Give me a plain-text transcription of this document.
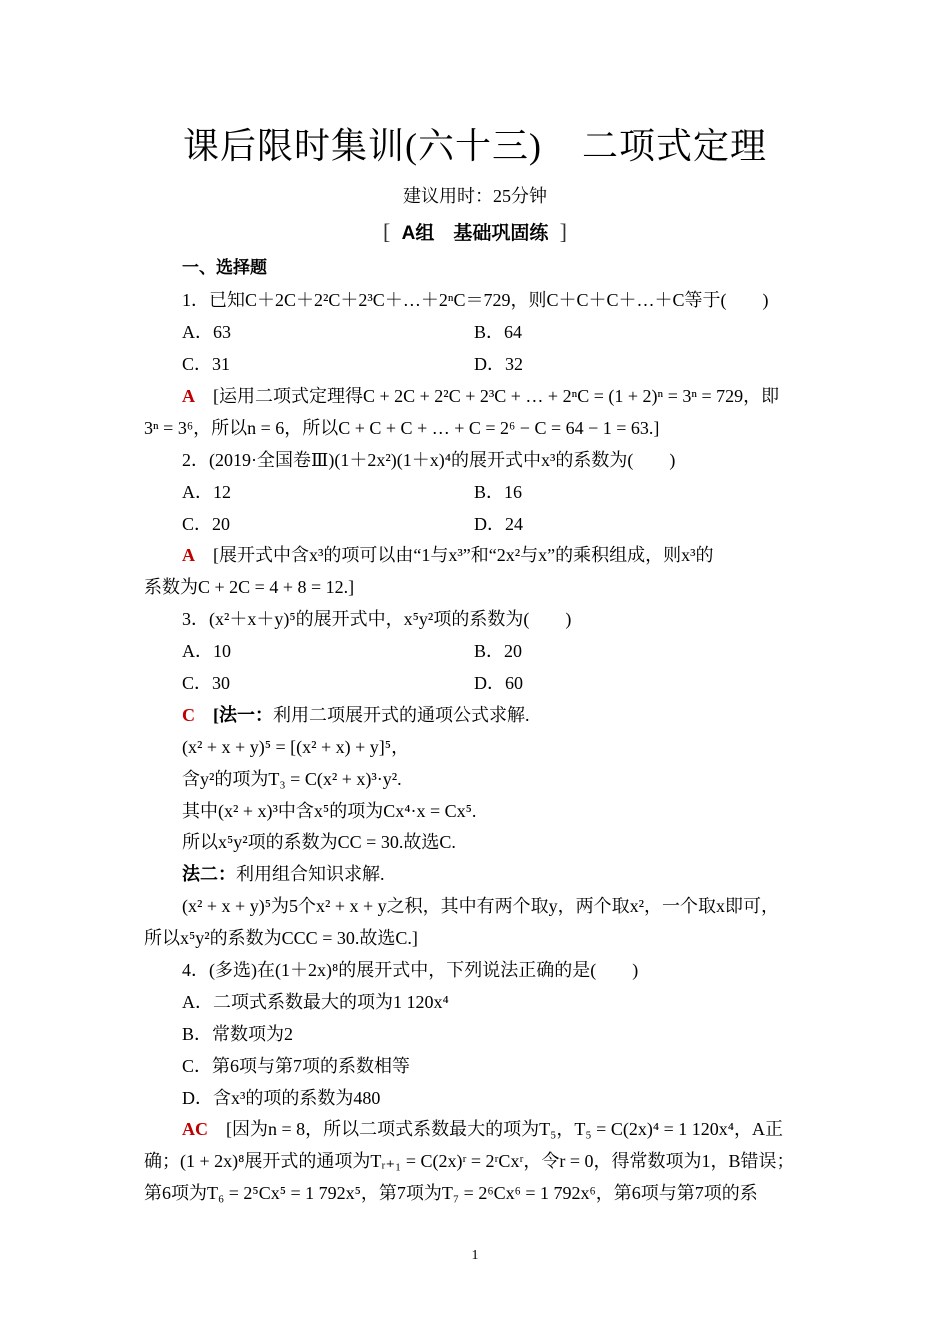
课后限时集训(六十三) 二项式定理
建议用时：25分钟
[ A组　基础巩固练 ]
一、选择题
1．已知C＋2C＋2²C＋2³C＋…＋2ⁿC＝729，则C＋C＋C＋…＋C等于(　　)
A．63	B．64
C．31	D．32
A　 [运用二项式定理得C + 2C + 2²C + 2³C + … + 2ⁿC = (1 + 2)ⁿ = 3ⁿ = 729，即
3ⁿ = 3⁶，所以n = 6，所以C + C + C + … + C = 2⁶ − C = 64 − 1 = 63.]
2．(2019·全国卷Ⅲ)(1＋2x²)(1＋x)⁴的展开式中x³的系数为(　　)
A．12	B．16
C．20	D．24
A　 [展开式中含x³的项可以由“1与x³”和“2x²与x”的乘积组成，则x³的
系数为C + 2C = 4 + 8 = 12.]
3．(x²＋x＋y)⁵的展开式中，x⁵y²项的系数为(　　)
A．10	B．20
C．30	D．60
C　 [法一：利用二项展开式的通项公式求解.
(x² + x + y)⁵ = [(x² + x) + y]⁵，
含y²的项为T₃ = C(x² + x)³·y².
其中(x² + x)³中含x⁵的项为Cx⁴·x = Cx⁵.
所以x⁵y²项的系数为CC = 30.故选C.
法二：利用组合知识求解.
(x² + x + y)⁵为5个x² + x + y之积，其中有两个取y，两个取x²，一个取x即可，
所以x⁵y²的系数为CCC = 30.故选C.]
4．(多选)在(1＋2x)⁸的展开式中，下列说法正确的是(　　)
A．二项式系数最大的项为1 120x⁴
B．常数项为2
C．第6项与第7项的系数相等
D．含x³的项的系数为480
AC　 [因为n = 8，所以二项式系数最大的项为T₅，T₅ = C(2x)⁴ = 1 120x⁴，A正
确；(1 + 2x)⁸展开式的通项为Tᵣ₊₁ = C(2x)ʳ = 2ʳCxʳ，令r = 0，得常数项为1，B错误；
第6项为T₆ = 2⁵Cx⁵ = 1 792x⁵，第7项为T₇ = 2⁶Cx⁶ = 1 792x⁶，第6项与第7项的系
1
